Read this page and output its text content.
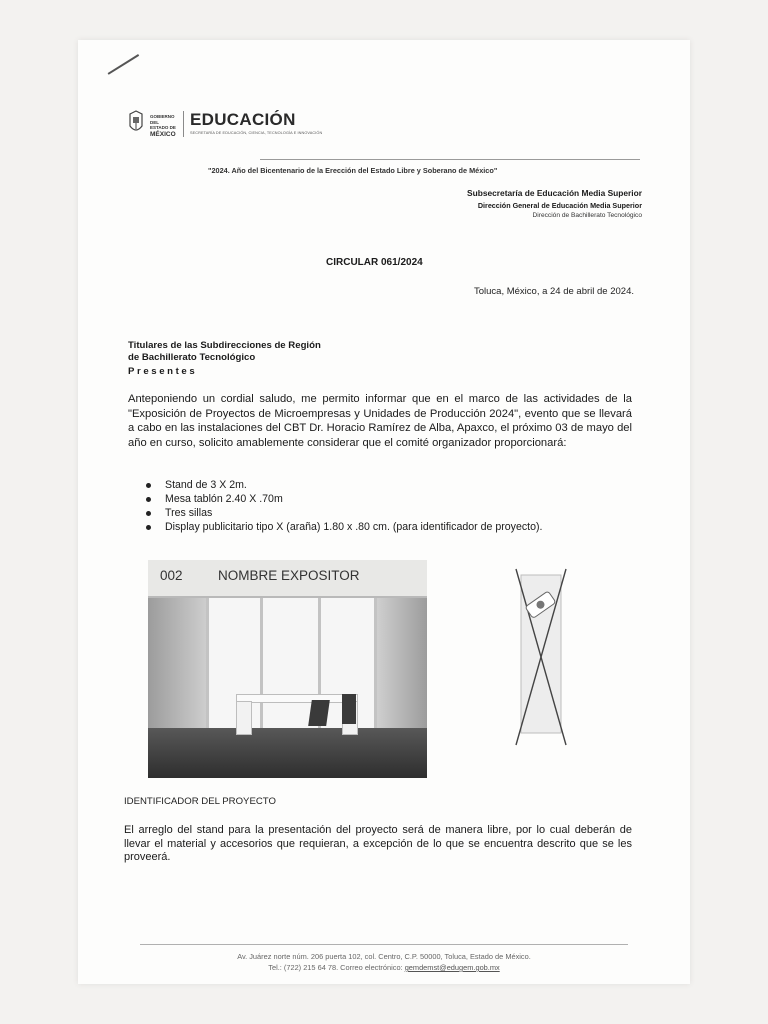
GOBIERNO DEL
ESTADO DE
MÉXICO
EDUCACIÓN
SECRETARÍA DE EDUCACIÓN, CIENCIA, TECNOLOGÍA E INNOVACIÓN
"2024. Año del Bicentenario de la Erección del Estado Libre y Soberano de México"
Subsecretaría de Educación Media Superior
Dirección General de Educación Media Superior
Dirección de Bachillerato Tecnológico
CIRCULAR 061/2024
Toluca, México, a 24 de abril de 2024.
Titulares de las Subdirecciones de Región
de Bachillerato Tecnológico
Presentes
Anteponiendo un cordial saludo, me permito informar que en el marco de las actividades de la "Exposición de Proyectos de Microempresas y Unidades de Producción 2024", evento que se llevará a cabo en las instalaciones del CBT Dr. Horacio Ramírez de Alba, Apaxco, el próximo 03 de mayo del año en curso, solicito amablemente considerar que el comité organizador proporcionará:
Stand de 3 X 2m.
Mesa tablón 2.40 X .70m
Tres sillas
Display publicitario tipo X (araña) 1.80 x .80 cm. (para identificador de proyecto).
002	NOMBRE EXPOSITOR
IDENTIFICADOR DEL PROYECTO
El arreglo del stand para la presentación del proyecto será de manera libre, por lo cual deberán de llevar el material y accesorios que requieran, a excepción de lo que se encuentra descrito que se les proveerá.
Av. Juárez norte núm. 206 puerta 102, col. Centro, C.P. 50000, Toluca, Estado de México.
Tel.: (722) 215 64 78. Correo electrónico: gemdemst@edugem.gob.mx
